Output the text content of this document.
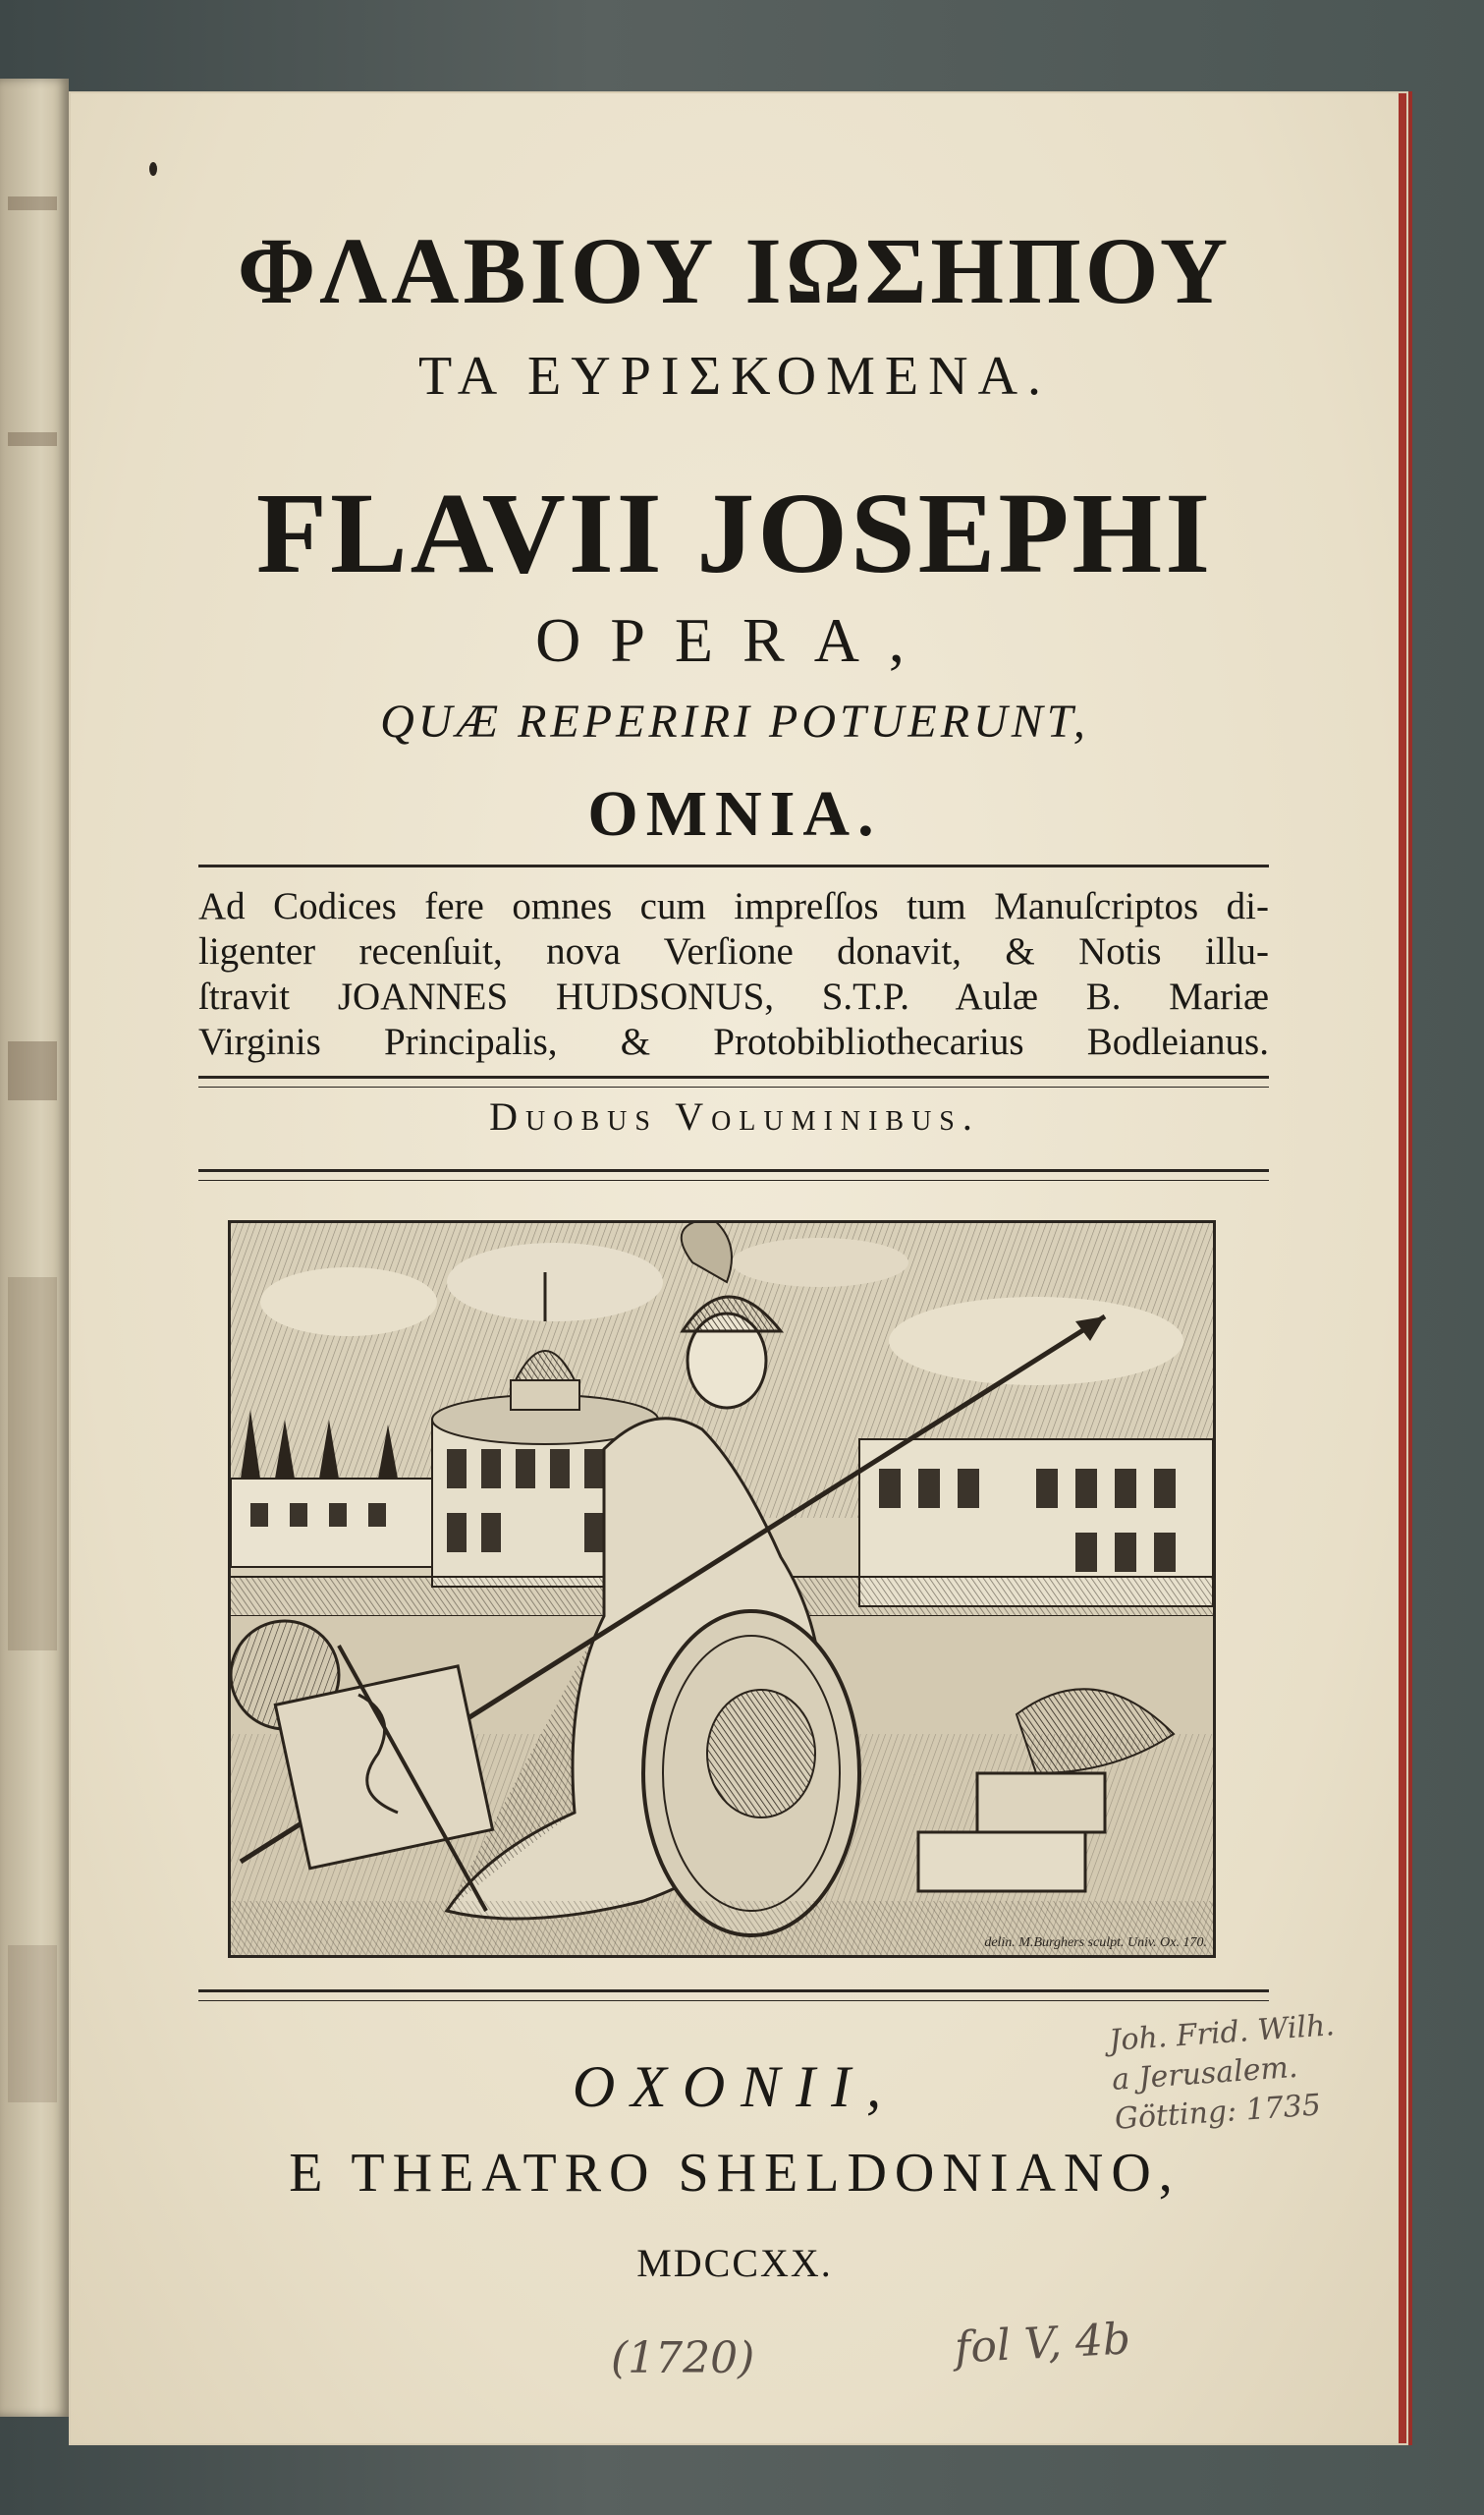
ΦΛΑΒΙΟΥ ΙΩΣΗΠΟΥ
ΤΑ ΕΥΡΙΣΚΟΜΕΝΑ.
FLAVII JOSEPHI
OPERA,
QUÆ REPERIRI POTUERUNT,
OMNIA.
Ad Codices fere omnes cum impreſſos tum Manuſcriptos di-
ligenter recenſuit, nova Verſione donavit, & Notis illu-
ſtravit JOANNES HUDSONUS, S.T.P. Aulæ B. Mariæ
Virginis Principalis, & Protobibliothecarius Bodleianus.
Duobus Voluminibus.
delin. M.Burghers sculpt. Univ. Ox. 170.
OXONII,
E THEATRO SHELDONIANO,
MDCCXX.
Joh. Frid. Wilh.
a Jerusalem.
Götting: 1735
(1720)	fol V, 4b
